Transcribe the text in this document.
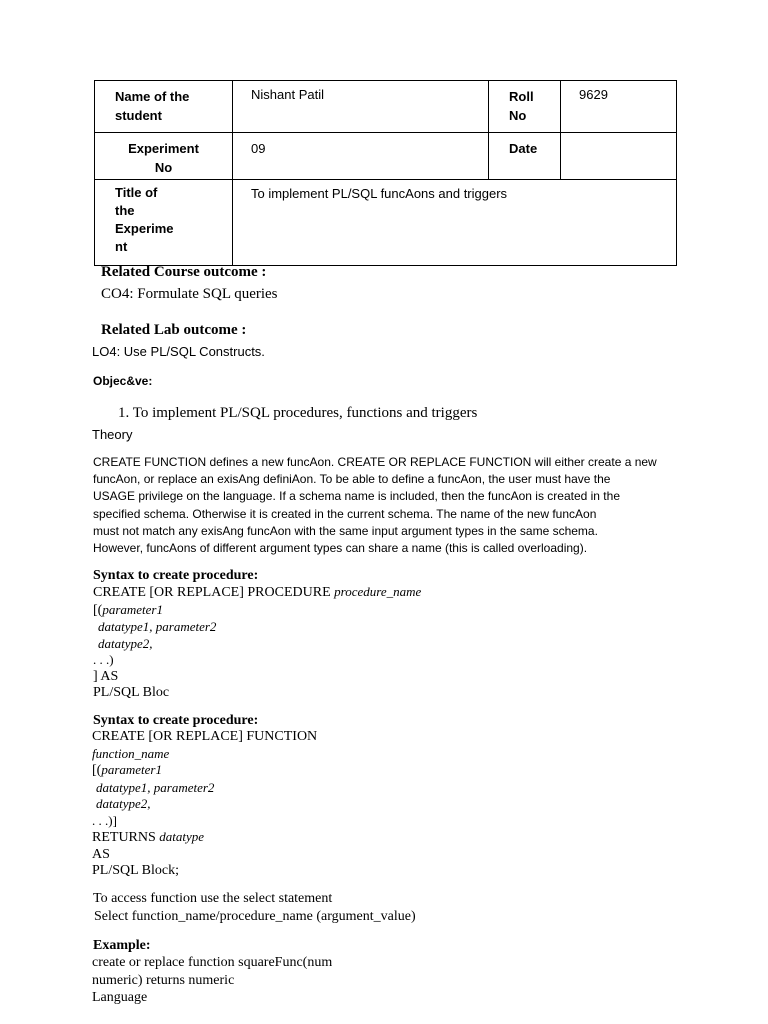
Name of the student	Nishant Patil	Roll No	9629

Experiment No	09	Date	

Title of
the
Experime
nt	To implement PL/SQL funcAons and triggers		
Related Course outcome :
CO4: Formulate SQL queries
Related Lab outcome :
LO4: Use PL/SQL Constructs.
Objec&ve:
1. To implement PL/SQL procedures, functions and triggers
Theory
CREATE FUNCTION defines a new funcAon. CREATE OR REPLACE FUNCTION will either create a new
funcAon, or replace an exisAng definiAon. To be able to define a funcAon, the user must have the
USAGE privilege on the language. If a schema name is included, then the funcAon is created in the
specified schema. Otherwise it is created in the current schema. The name of the new funcAon
must not match any exisAng funcAon with the same input argument types in the same schema.
However, funcAons of different argument types can share a name (this is called overloading).
Syntax to create procedure:
CREATE [OR REPLACE] PROCEDURE procedure_name
[(parameter1
datatype1, parameter2
datatype2,
. . .)
] AS
PL/SQL Bloc
Syntax to create procedure:
CREATE [OR REPLACE] FUNCTION
function_name
[(parameter1
datatype1, parameter2
datatype2,
. . .)]
RETURNS datatype
AS
PL/SQL Block;
To access function use the select statement
Select function_name/procedure_name (argument_value)
Example:
create or replace function squareFunc(num
numeric) returns numeric
Language
